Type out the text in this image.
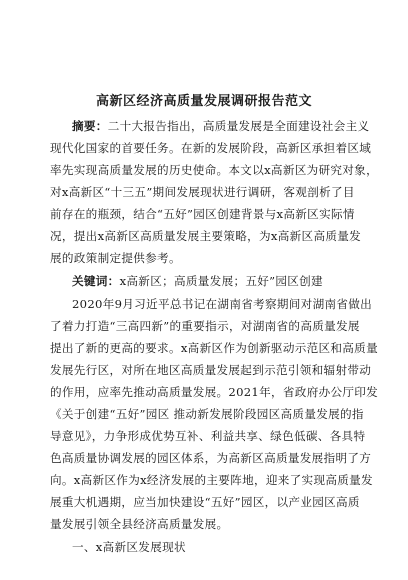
高新区经济高质量发展调研报告范文
摘要：二十大报告指出，高质量发展是全面建设社会主义
现代化国家的首要任务。在新的发展阶段，高新区承担着区域
率先实现高质量发展的历史使命。本文以x高新区为研究对象，
对x高新区“十三五”期间发展现状进行调研，客观剖析了目
前存在的瓶颈，结合“五好”园区创建背景与x高新区实际情
况，提出x高新区高质量发展主要策略，为x高新区高质量发
展的政策制定提供参考。
关键词：x高新区；高质量发展；五好”园区创建
2020年9月习近平总书记在湖南省考察期间对湖南省做出
了着力打造“三高四新”的重要指示，对湖南省的高质量发展
提出了新的更高的要求。x高新区作为创新驱动示范区和高质量
发展先行区，对所在地区高质量发展起到示范引领和辐射带动
的作用，应率先推动高质量发展。2021年，省政府办公厅印发
《关于创建“五好”园区 推动新发展阶段园区高质量发展的指
导意见》，力争形成优势互补、利益共享、绿色低碳、各具特
色高质量协调发展的园区体系，为高新区高质量发展指明了方
向。x高新区作为x经济发展的主要阵地，迎来了实现高质量发
展重大机遇期，应当加快建设“五好”园区，以产业园区高质
量发展引领全县经济高质量发展。
一、x高新区发展现状
